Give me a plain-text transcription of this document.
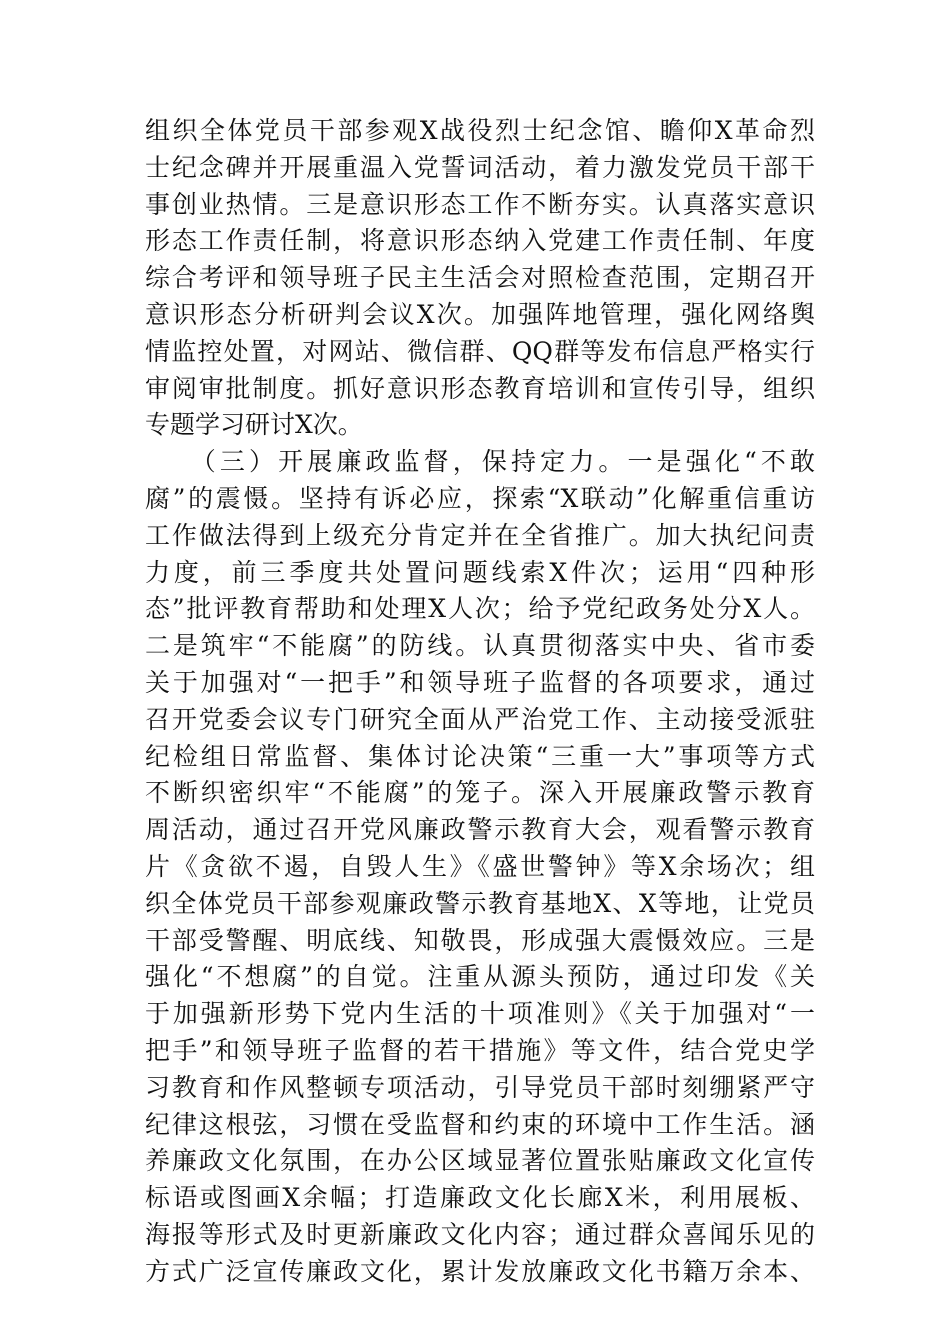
组织全体党员干部参观X战役烈士纪念馆、瞻仰X革命烈
士纪念碑并开展重温入党誓词活动，着力激发党员干部干
事创业热情。三是意识形态工作不断夯实。认真落实意识
形态工作责任制，将意识形态纳入党建工作责任制、年度
综合考评和领导班子民主生活会对照检查范围，定期召开
意识形态分析研判会议X次。加强阵地管理，强化网络舆
情监控处置，对网站、微信群、QQ群等发布信息严格实行
审阅审批制度。抓好意识形态教育培训和宣传引导，组织
专题学习研讨X次。
　　（三）开展廉政监督，保持定力。一是强化“不敢
腐”的震慑。坚持有诉必应，探索“X联动”化解重信重访
工作做法得到上级充分肯定并在全省推广。加大执纪问责
力度，前三季度共处置问题线索X件次；运用“四种形
态”批评教育帮助和处理X人次；给予党纪政务处分X人。
二是筑牢“不能腐”的防线。认真贯彻落实中央、省市委
关于加强对“一把手”和领导班子监督的各项要求，通过
召开党委会议专门研究全面从严治党工作、主动接受派驻
纪检组日常监督、集体讨论决策“三重一大”事项等方式
不断织密织牢“不能腐”的笼子。深入开展廉政警示教育
周活动，通过召开党风廉政警示教育大会，观看警示教育
片《贪欲不遏，自毁人生》《盛世警钟》等X余场次；组
织全体党员干部参观廉政警示教育基地X、X等地，让党员
干部受警醒、明底线、知敬畏，形成强大震慑效应。三是
强化“不想腐”的自觉。注重从源头预防，通过印发《关
于加强新形势下党内生活的十项准则》《关于加强对“一
把手”和领导班子监督的若干措施》等文件，结合党史学
习教育和作风整顿专项活动，引导党员干部时刻绷紧严守
纪律这根弦，习惯在受监督和约束的环境中工作生活。涵
养廉政文化氛围，在办公区域显著位置张贴廉政文化宣传
标语或图画X余幅；打造廉政文化长廊X米，利用展板、
海报等形式及时更新廉政文化内容；通过群众喜闻乐见的
方式广泛宣传廉政文化，累计发放廉政文化书籍万余本、
